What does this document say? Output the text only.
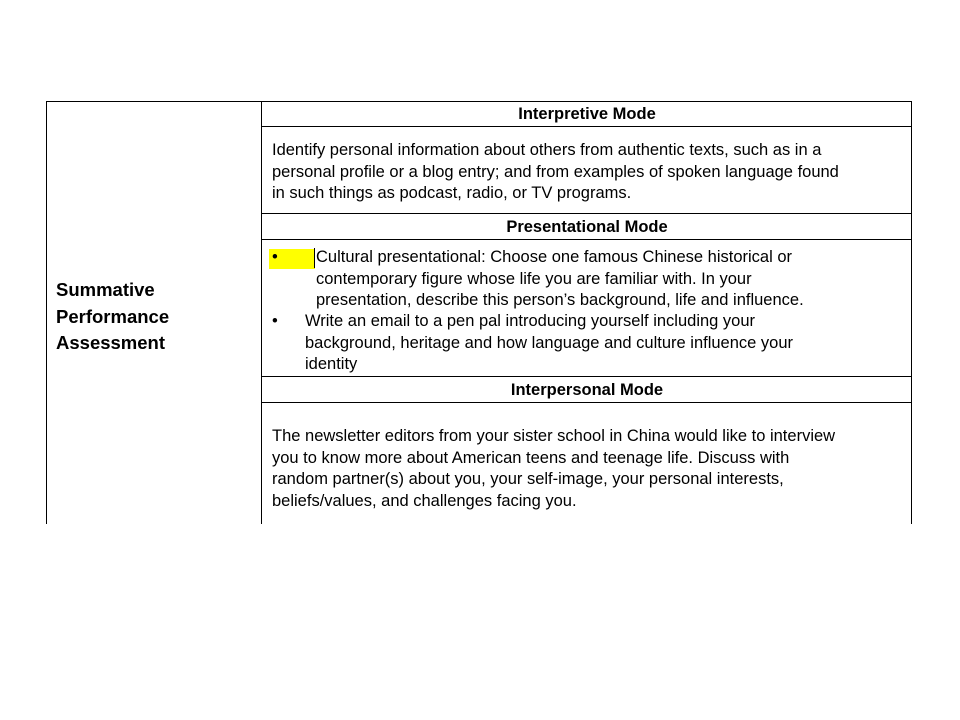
Summative
Performance
Assessment
Interpretive Mode
Identify personal information about others from authentic texts, such as in a
personal profile or a blog entry; and from examples of spoken language found
in such things as podcast, radio, or TV programs.
Presentational Mode
• Cultural presentational: Choose one famous Chinese historical or
contemporary figure whose life you are familiar with. In your
presentation, describe this person’s background, life and influence.
• Write an email to a pen pal introducing yourself including your
background, heritage and how language and culture influence your
identity
Interpersonal Mode
The newsletter editors from your sister school in China would like to interview
you to know more about American teens and teenage life. Discuss with
random partner(s) about you, your self-image, your personal interests,
beliefs/values, and challenges facing you.
